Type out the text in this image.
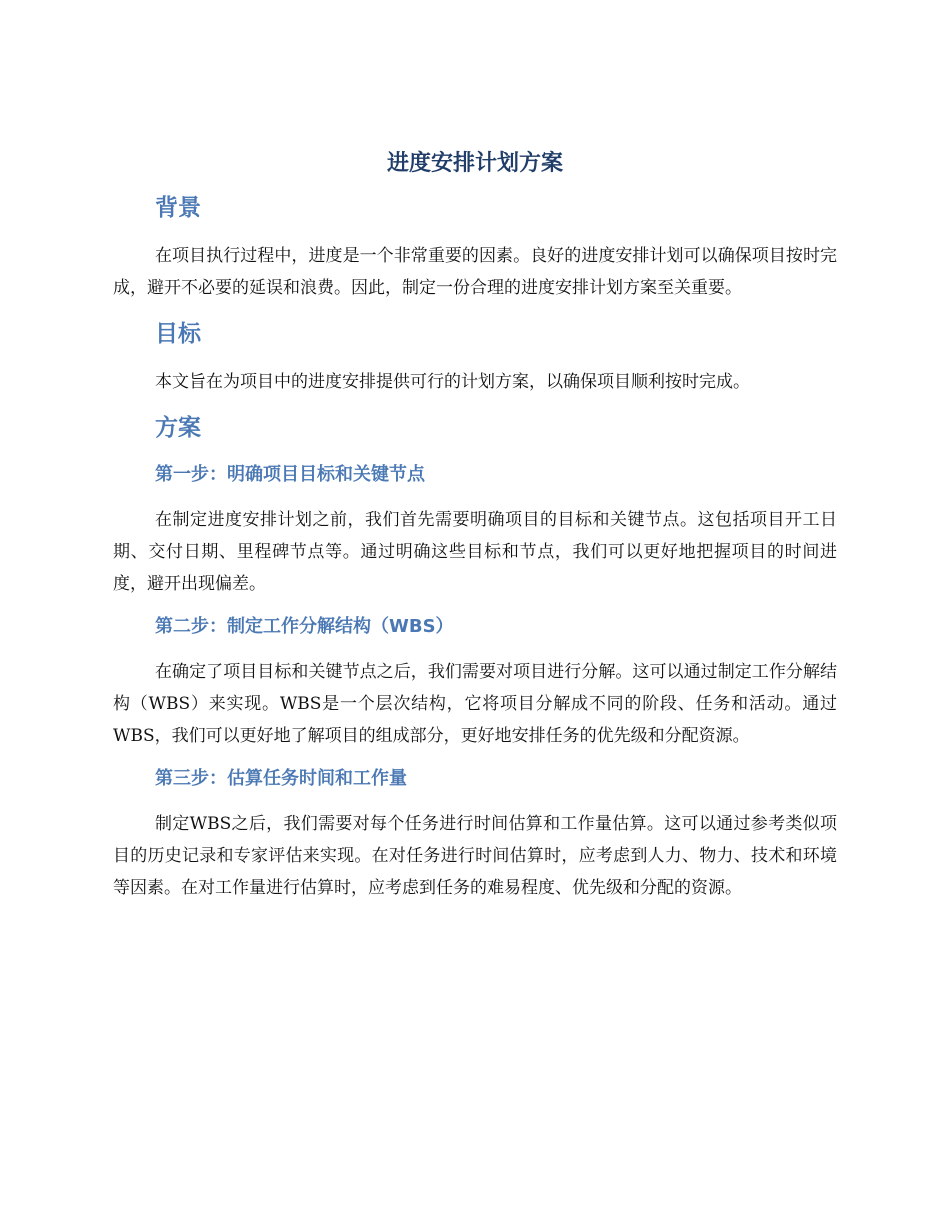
进度安排计划方案
背景

在项目执行过程中，进度是一个非常重要的因素。良好的进度安排计划可以确保项目按时完成，避开不必要的延误和浪费。因此，制定一份合理的进度安排计划方案至关重要。

目标

本文旨在为项目中的进度安排提供可行的计划方案，以确保项目顺利按时完成。

方案
第一步：明确项目目标和关键节点

在制定进度安排计划之前，我们首先需要明确项目的目标和关键节点。这包括项目开工日期、交付日期、里程碑节点等。通过明确这些目标和节点，我们可以更好地把握项目的时间进度，避开出现偏差。

第二步：制定工作分解结构（WBS）

在确定了项目目标和关键节点之后，我们需要对项目进行分解。这可以通过制定工作分解结构（WBS）来实现。WBS是一个层次结构，它将项目分解成不同的阶段、任务和活动。通过WBS，我们可以更好地了解项目的组成部分，更好地安排任务的优先级和分配资源。

第三步：估算任务时间和工作量

制定WBS之后，我们需要对每个任务进行时间估算和工作量估算。这可以通过参考类似项目的历史记录和专家评估来实现。在对任务进行时间估算时，应考虑到人力、物力、技术和环境等因素。在对工作量进行估算时，应考虑到任务的难易程度、优先级和分配的资源。
